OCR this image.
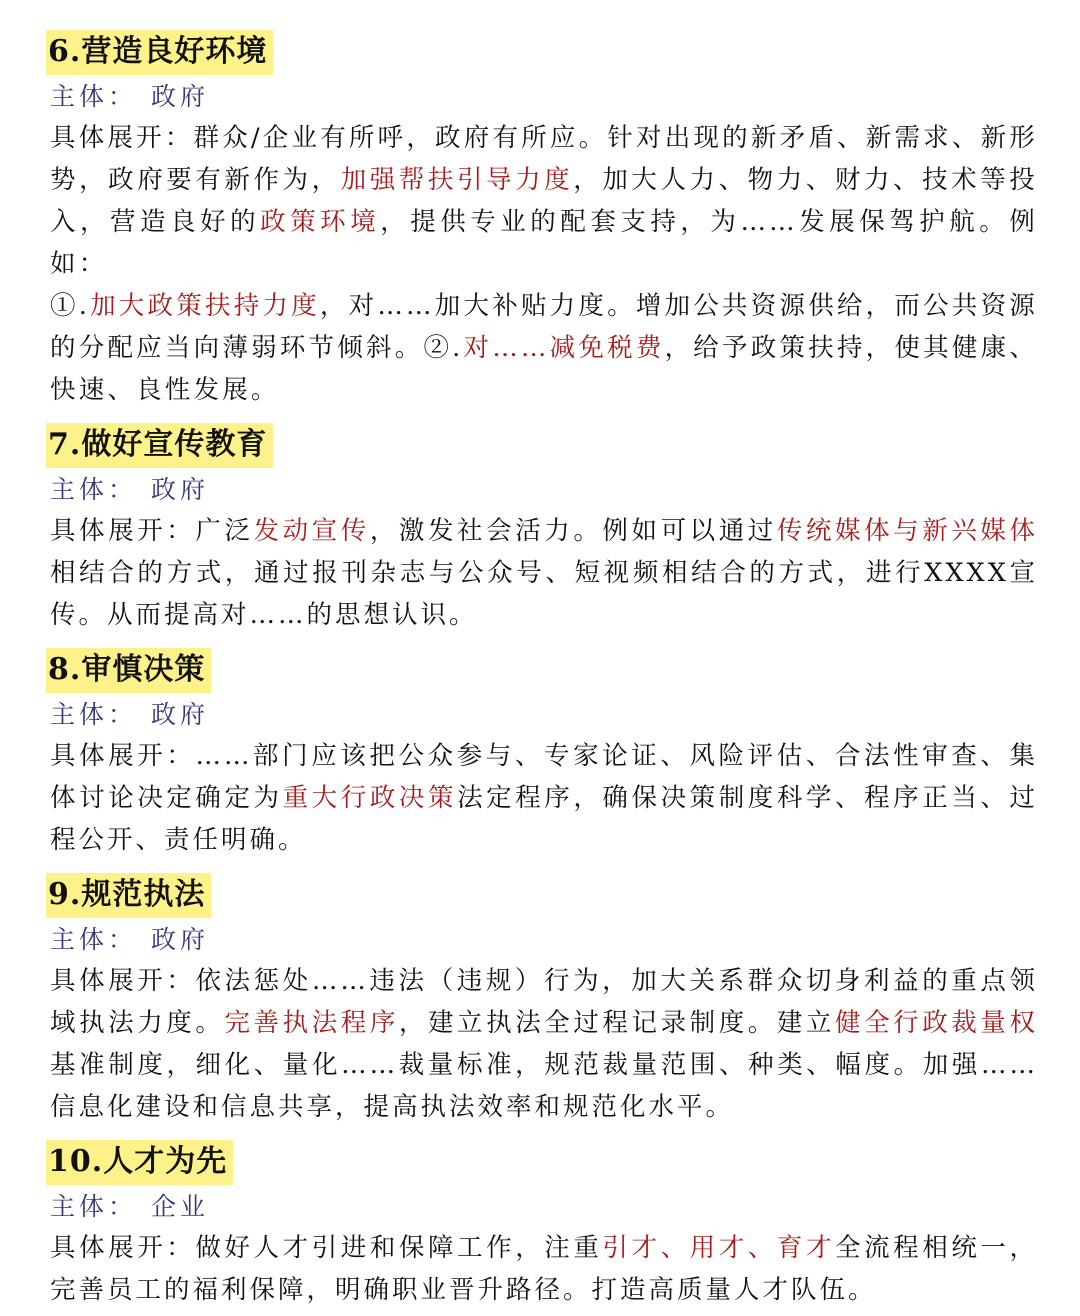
6.营造良好环境
主体： 政府
具体展开：群众/企业有所呼，政府有所应。针对出现的新矛盾、新需求、新形势，政府要有新作为，加强帮扶引导力度，加大人力、物力、财力、技术等投入，营造良好的政策环境，提供专业的配套支持，为……发展保驾护航。例如：
①.加大政策扶持力度，对……加大补贴力度。增加公共资源供给，而公共资源的分配应当向薄弱环节倾斜。②.对……减免税费，给予政策扶持，使其健康、快速、良性发展。
7.做好宣传教育
主体： 政府
具体展开：广泛发动宣传，激发社会活力。例如可以通过传统媒体与新兴媒体相结合的方式，通过报刊杂志与公众号、短视频相结合的方式，进行XXXX宣传。从而提高对……的思想认识。
8.审慎决策
主体： 政府
具体展开：……部门应该把公众参与、专家论证、风险评估、合法性审查、集体讨论决定确定为重大行政决策法定程序，确保决策制度科学、程序正当、过程公开、责任明确。
9.规范执法
主体： 政府
具体展开：依法惩处……违法（违规）行为，加大关系群众切身利益的重点领域执法力度。完善执法程序，建立执法全过程记录制度。建立健全行政裁量权基准制度，细化、量化……裁量标准，规范裁量范围、种类、幅度。加强……信息化建设和信息共享，提高执法效率和规范化水平。
10.人才为先
主体： 企业
具体展开：做好人才引进和保障工作，注重引才、用才、育才全流程相统一，完善员工的福利保障，明确职业晋升路径。打造高质量人才队伍。
